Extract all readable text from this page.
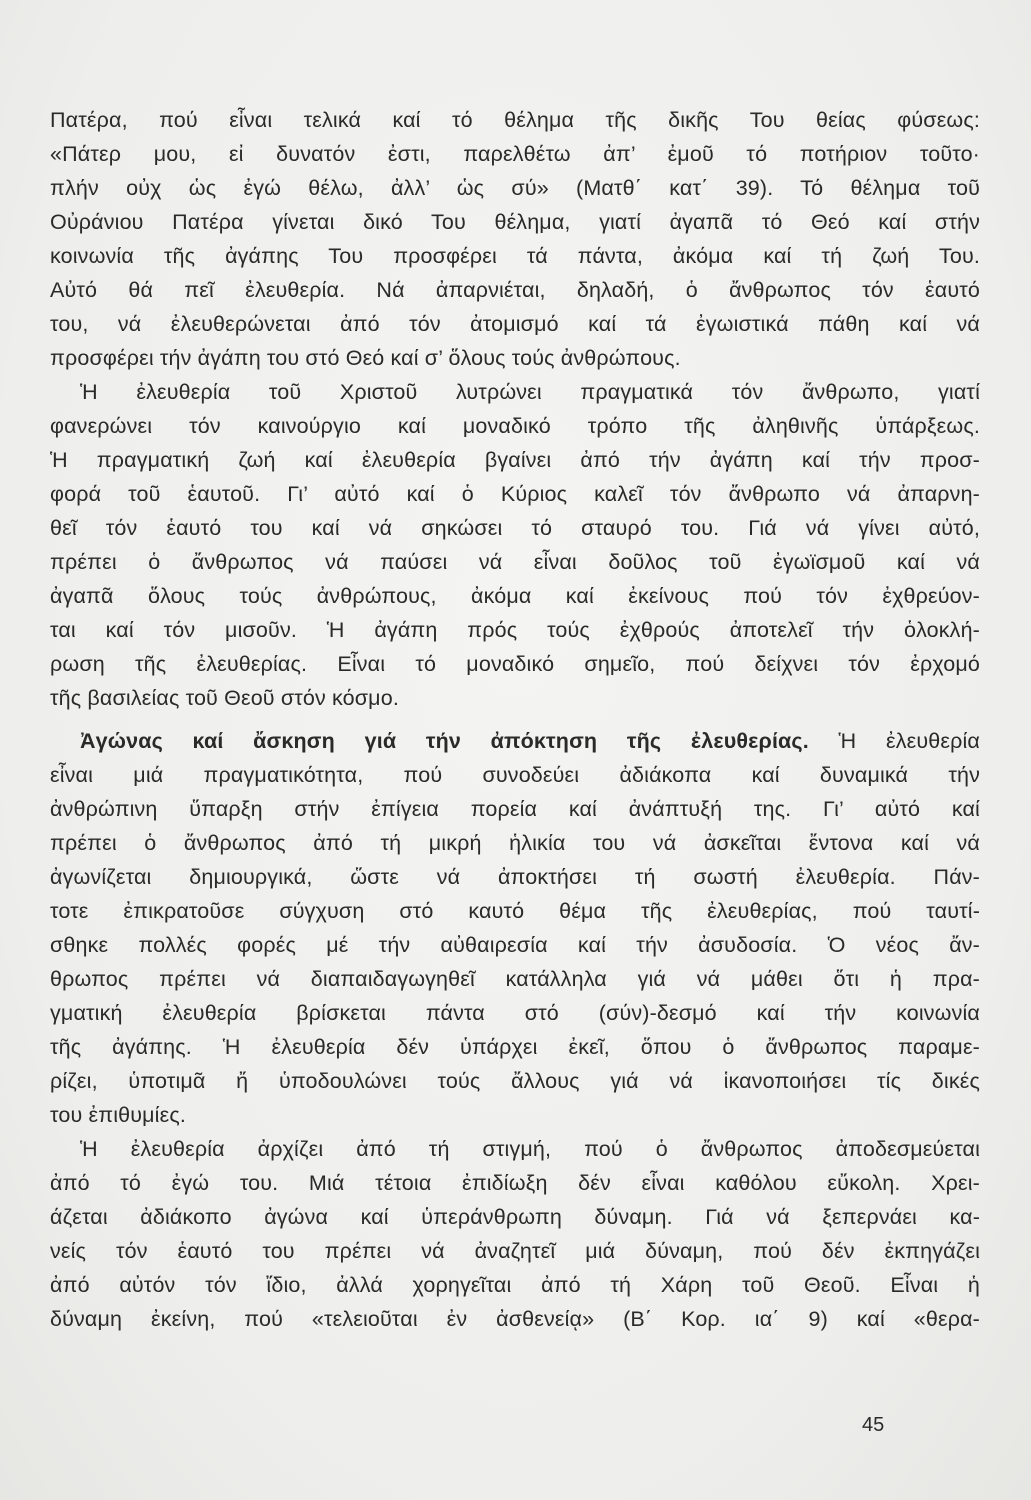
Πατέρα, πού εἶναι τελικά καί τό θέλημα τῆς δικῆς Του θείας φύσεως:
«Πάτερ μου, εἰ δυνατόν ἐστι, παρελθέτω ἀπ’ ἐμοῦ τό ποτήριον τοῦτο·
πλήν οὐχ ὡς ἐγώ θέλω, ἀλλ’ ὡς σύ» (Ματθ΄ κατ΄ 39). Τό θέλημα τοῦ
Οὐράνιου Πατέρα γίνεται δικό Του θέλημα, γιατί ἀγαπᾶ τό Θεό καί στήν
κοινωνία τῆς ἀγάπης Του προσφέρει τά πάντα, ἀκόμα καί τή ζωή Του.
Αὐτό θά πεῖ ἐλευθερία. Νά ἀπαρνιέται, δηλαδή, ὁ ἄνθρωπος τόν ἑαυτό
του, νά ἐλευθερώνεται ἀπό τόν ἀτομισμό καί τά ἐγωιστικά πάθη καί νά
προσφέρει τήν ἀγάπη του στό Θεό καί σ’ ὅλους τούς ἀνθρώπους.
Ἡ ἐλευθερία τοῦ Χριστοῦ λυτρώνει πραγματικά τόν ἄνθρωπο, γιατί
φανερώνει τόν καινούργιο καί μοναδικό τρόπο τῆς ἀληθινῆς ὑπάρξεως.
Ἡ πραγματική ζωή καί ἐλευθερία βγαίνει ἀπό τήν ἀγάπη καί τήν προσ-
φορά τοῦ ἑαυτοῦ. Γι’ αὐτό καί ὁ Κύριος καλεῖ τόν ἄνθρωπο νά ἀπαρνη-
θεῖ τόν ἑαυτό του καί νά σηκώσει τό σταυρό του. Γιά νά γίνει αὐτό,
πρέπει ὁ ἄνθρωπος νά παύσει νά εἶναι δοῦλος τοῦ ἐγωϊσμοῦ καί νά
ἀγαπᾶ ὅλους τούς ἀνθρώπους, ἀκόμα καί ἐκείνους πού τόν ἐχθρεύον-
ται καί τόν μισοῦν. Ἡ ἀγάπη πρός τούς ἐχθρούς ἀποτελεῖ τήν ὁλοκλή-
ρωση τῆς ἐλευθερίας. Εἶναι τό μοναδικό σημεῖο, πού δείχνει τόν ἐρχομό
τῆς βασιλείας τοῦ Θεοῦ στόν κόσμο.
Ἀγώνας καί ἄσκηση γιά τήν ἀπόκτηση τῆς ἐλευθερίας. Ἡ ἐλευθερία
εἶναι μιά πραγματικότητα, πού συνοδεύει ἀδιάκοπα καί δυναμικά τήν
ἀνθρώπινη ὕπαρξη στήν ἐπίγεια πορεία καί ἀνάπτυξή της. Γι’ αὐτό καί
πρέπει ὁ ἄνθρωπος ἀπό τή μικρή ἡλικία του νά ἀσκεῖται ἔντονα καί νά
ἀγωνίζεται δημιουργικά, ὥστε νά ἀποκτήσει τή σωστή ἐλευθερία. Πάν-
τοτε ἐπικρατοῦσε σύγχυση στό καυτό θέμα τῆς ἐλευθερίας, πού ταυτί-
σθηκε πολλές φορές μέ τήν αὐθαιρεσία καί τήν ἀσυδοσία. Ὁ νέος ἄν-
θρωπος πρέπει νά διαπαιδαγωγηθεῖ κατάλληλα γιά νά μάθει ὅτι ἡ πρα-
γματική ἐλευθερία βρίσκεται πάντα στό (σύν)-δεσμό καί τήν κοινωνία
τῆς ἀγάπης. Ἡ ἐλευθερία δέν ὑπάρχει ἐκεῖ, ὅπου ὁ ἄνθρωπος παραμε-
ρίζει, ὑποτιμᾶ ἤ ὑποδουλώνει τούς ἄλλους γιά νά ἱκανοποιήσει τίς δικές
του ἐπιθυμίες.
Ἡ ἐλευθερία ἀρχίζει ἀπό τή στιγμή, πού ὁ ἄνθρωπος ἀποδεσμεύεται
ἀπό τό ἐγώ του. Μιά τέτοια ἐπιδίωξη δέν εἶναι καθόλου εὔκολη. Χρει-
άζεται ἀδιάκοπο ἀγώνα καί ὑπεράνθρωπη δύναμη. Γιά νά ξεπερνάει κα-
νείς τόν ἑαυτό του πρέπει νά ἀναζητεῖ μιά δύναμη, πού δέν ἐκπηγάζει
ἀπό αὐτόν τόν ἴδιο, ἀλλά χορηγεῖται ἀπό τή Χάρη τοῦ Θεοῦ. Εἶναι ἡ
δύναμη ἐκείνη, πού «τελειοῦται ἐν ἀσθενείᾳ» (Β΄ Κορ. ια΄ 9) καί «θερα-
45
